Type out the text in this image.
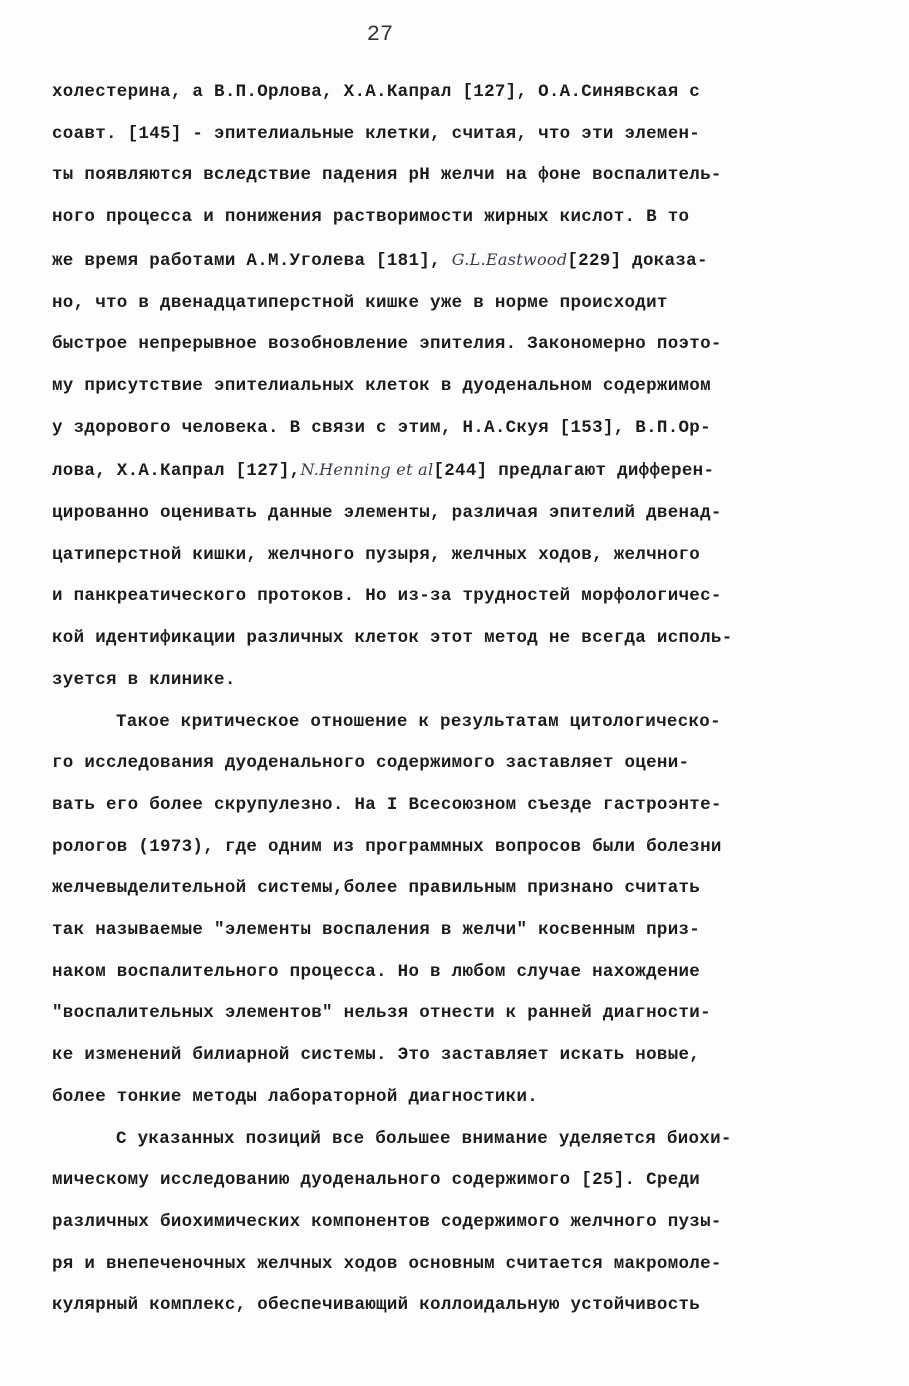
27
холестерина, а В.П.Орлова, Х.А.Капрал [127], О.А.Синявская с
соавт. [145] - эпителиальные клетки, считая, что эти элемен-
ты появляются вследствие падения рН желчи на фоне воспалитель-
ного процесса и понижения растворимости жирных кислот. В то
же время работами А.М.Уголева [181], G.L.Eastwood[229] доказа-
но, что в двенадцатиперстной кишке уже в норме происходит
быстрое непрерывное возобновление эпителия. Закономерно поэто-
му присутствие эпителиальных клеток в дуоденальном содержимом
у здорового человека. В связи с этим, Н.А.Скуя [153], В.П.Ор-
лова, Х.А.Капрал [127],N.Henning et al[244] предлагают дифферен-
цированно оценивать данные элементы, различая эпителий двенад-
цатиперстной кишки, желчного пузыря, желчных ходов, желчного
и панкреатического протоков. Но из-за трудностей морфологичес-
кой идентификации различных клеток этот метод не всегда исполь-
зуется в клинике.
Такое критическое отношение к результатам цитологическо-
го исследования дуоденального содержимого заставляет оцени-
вать его более скрупулезно. На I Всесоюзном съезде гастроэнте-
рологов (1973), где одним из программных вопросов были болезни
желчевыделительной системы,более правильным признано считать
так называемые "элементы воспаления в желчи" косвенным приз-
наком воспалительного процесса. Но в любом случае нахождение
"воспалительных элементов" нельзя отнести к ранней диагности-
ке изменений билиарной системы. Это заставляет искать новые,
более тонкие методы лабораторной диагностики.
С указанных позиций все большее внимание уделяется биохи-
мическому исследованию дуоденального содержимого [25]. Среди
различных биохимических компонентов содержимого желчного пузы-
ря и внепеченочных желчных ходов основным считается макромоле-
кулярный комплекс, обеспечивающий коллоидальную устойчивость
